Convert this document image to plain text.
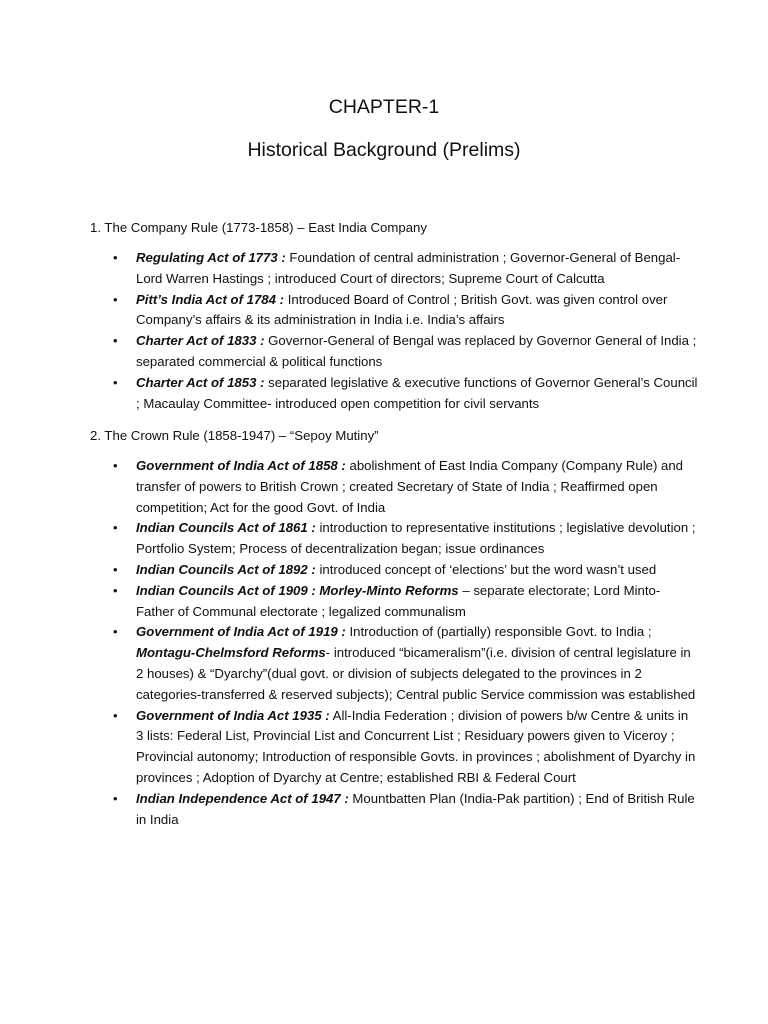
CHAPTER-1
Historical Background (Prelims)
1. The Company Rule (1773-1858) – East India Company
• Regulating Act of 1773 : Foundation of central administration ; Governor-General of Bengal- Lord Warren Hastings ; introduced Court of directors; Supreme Court of Calcutta
• Pitt’s India Act of 1784 : Introduced Board of Control ; British Govt. was given control over Company’s affairs & its administration in India i.e. India’s affairs
• Charter Act of 1833 : Governor-General of Bengal was replaced by Governor General of India ; separated commercial & political functions
• Charter Act of 1853 : separated legislative & executive functions of Governor General’s Council ; Macaulay Committee- introduced open competition for civil servants
2. The Crown Rule (1858-1947) – “Sepoy Mutiny”
• Government of India Act of 1858 : abolishment of East India Company (Company Rule) and transfer of powers to British Crown ; created Secretary of State of India ; Reaffirmed open competition; Act for the good Govt. of India
• Indian Councils Act of 1861 : introduction to representative institutions ; legislative devolution ; Portfolio System; Process of decentralization began; issue ordinances
• Indian Councils Act of 1892 : introduced concept of ‘elections’ but the word wasn’t used
• Indian Councils Act of 1909 : Morley-Minto Reforms – separate electorate; Lord Minto-Father of Communal electorate ; legalized communalism
• Government of India Act of 1919 : Introduction of (partially) responsible Govt. to India ; Montagu-Chelmsford Reforms- introduced “bicameralism”(i.e. division of central legislature in 2 houses) & “Dyarchy”(dual govt. or division of subjects delegated to the provinces in 2 categories-transferred & reserved subjects); Central public Service commission was established
• Government of India Act 1935 : All-India Federation ; division of powers b/w Centre & units in 3 lists: Federal List, Provincial List and Concurrent List ; Residuary powers given to Viceroy ; Provincial autonomy; Introduction of responsible Govts. in provinces ; abolishment of Dyarchy in provinces ; Adoption of Dyarchy at Centre; established RBI & Federal Court
• Indian Independence Act of 1947 : Mountbatten Plan (India-Pak partition) ; End of British Rule in India
